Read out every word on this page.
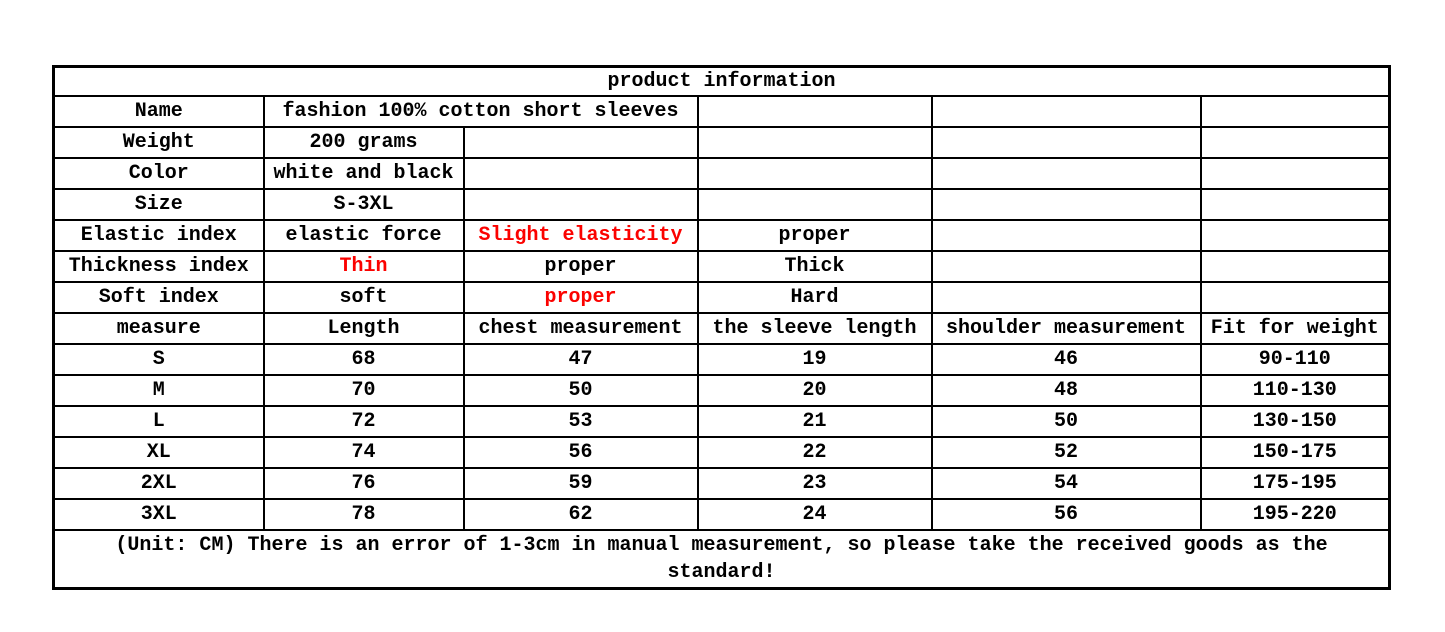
product information					
Name	fashion 100% cotton short sleeves				
Weight	200 grams				
Color	white and black				
Size	S-3XL				
Elastic index	elastic force	Slight elasticity	proper		
Thickness index	Thin	proper	Thick		
Soft index	soft	proper	Hard		
measure	Length	chest measurement	the sleeve length	shoulder measurement	Fit for weight
S	68	47	19	46	90-110
M	70	50	20	48	110-130
L	72	53	21	50	130-150
XL	74	56	22	52	150-175
2XL	76	59	23	54	175-195
3XL	78	62	24	56	195-220
(Unit: CM) There is an error of 1-3cm in manual measurement, so please take the received goods as the standard!					
